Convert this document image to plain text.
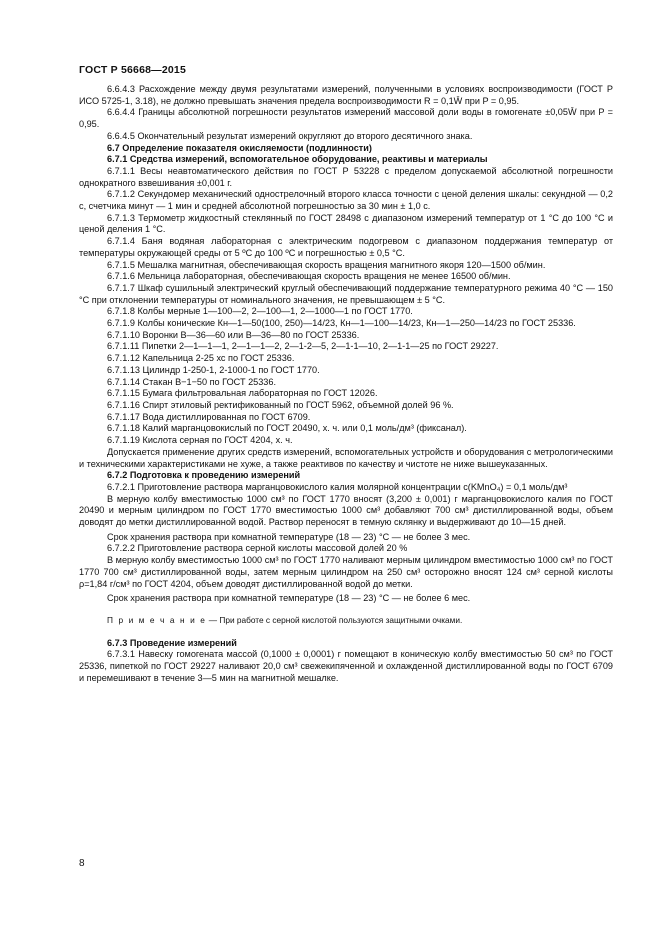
ГОСТ Р 56668—2015

6.6.4.3 Расхождение между двумя результатами измерений, полученными в условиях воспроизводимости (ГОСТ Р ИСО 5725-1, 3.18), не должно превышать значения предела воспроизводимости R = 0,1W̄ при P = 0,95.

6.6.4.4 Границы абсолютной погрешности результатов измерений массовой доли воды в гомогенате ±0,05W̄ при P = 0,95.

6.6.4.5 Окончательный результат измерений округляют до второго десятичного знака.

6.7 Определение показателя окисляемости (подлинности)

6.7.1 Средства измерений, вспомогательное оборудование, реактивы и материалы

6.7.1.1 Весы неавтоматического действия по ГОСТ Р 53228 с пределом допускаемой абсолютной погрешности однократного взвешивания ±0,001 г.

6.7.1.2 Секундомер механический однострелочный второго класса точности с ценой деления шкалы: секундной — 0,2 с, счетчика минут — 1 мин и средней абсолютной погрешностью за 30 мин ± 1,0 с.

6.7.1.3 Термометр жидкостный стеклянный по ГОСТ 28498 с диапазоном измерений температур от 1 °С до 100 °С и ценой деления 1 °С.

6.7.1.4 Баня водяная лабораторная с электрическим подогревом с диапазоном поддержания температур от температуры окружающей среды от 5 ºС до 100 ºС и погрешностью ± 0,5 °С.

6.7.1.5 Мешалка магнитная, обеспечивающая скорость вращения магнитного якоря 120—1500 об/мин.

6.7.1.6 Мельница лабораторная, обеспечивающая скорость вращения не менее 16500 об/мин.

6.7.1.7 Шкаф сушильный электрический круглый обеспечивающий поддержание температурного режима 40 °С — 150 °С при отклонении температуры от номинального значения, не превышающем ± 5 °С.

6.7.1.8 Колбы мерные 1—100—2, 2—100—1, 2—1000—1 по ГОСТ 1770.

6.7.1.9 Колбы конические Кн—1—50(100, 250)—14/23, Кн—1—100—14/23, Кн—1—250—14/23 по ГОСТ 25336.

6.7.1.10 Воронки В—36—60 или В—36—80 по ГОСТ 25336.

6.7.1.11 Пипетки 2—1—1—1, 2—1—1—2, 2—1-2—5, 2—1-1—10, 2—1-1—25 по ГОСТ 29227.

6.7.1.12 Капельница 2-25 хс по ГОСТ 25336.

6.7.1.13 Цилиндр 1-250-1, 2-1000-1 по ГОСТ 1770.

6.7.1.14 Стакан В−1−50 по ГОСТ 25336.

6.7.1.15 Бумага фильтровальная лабораторная по ГОСТ 12026.

6.7.1.16 Спирт этиловый ректификованный по ГОСТ 5962, объемной долей 96 %.

6.7.1.17 Вода дистиллированная по ГОСТ 6709.

6.7.1.18 Калий марганцовокислый по ГОСТ 20490, х. ч. или 0,1 моль/дм³ (фиксанал).

6.7.1.19 Кислота серная по ГОСТ 4204, х. ч.

Допускается применение других средств измерений, вспомогательных устройств и оборудования с метрологическими и техническими характеристиками не хуже, а также реактивов по качеству и чистоте не ниже вышеуказанных.

6.7.2 Подготовка к проведению измерений

6.7.2.1 Приготовление раствора марганцовокислого калия молярной концентрации c(KMnO₄) = 0,1 моль/дм³

В мерную колбу вместимостью 1000 см³ по ГОСТ 1770 вносят (3,200 ± 0,001) г марганцовокислого калия по ГОСТ 20490 и мерным цилиндром по ГОСТ 1770 вместимостью 1000 см³ добавляют 700 см³ дистиллированной воды, объем доводят до метки дистиллированной водой. Раствор переносят в темную склянку и выдерживают до 10—15 дней.

Срок хранения раствора при комнатной температуре (18 — 23) °С — не более 3 мес.

6.7.2.2 Приготовление раствора серной кислоты массовой долей 20 %

В мерную колбу вместимостью 1000 см³ по ГОСТ 1770 наливают мерным цилиндром вместимостью 1000 см³ по ГОСТ 1770 700 см³ дистиллированной воды, затем мерным цилиндром на 250 см³ осторожно вносят 124 см³ серной кислоты ρ=1,84 г/см³ по ГОСТ 4204, объем доводят дистиллированной водой до метки.

Срок хранения раствора при комнатной температуре (18 — 23) °С — не более 6 мес.

П р и м е ч а н и е — При работе с серной кислотой пользуются защитными очками.

6.7.3 Проведение измерений

6.7.3.1 Навеску гомогената массой (0,1000 ± 0,0001) г помещают в коническую колбу вместимостью 50 см³ по ГОСТ 25336, пипеткой по ГОСТ 29227 наливают 20,0 см³ свежекипяченной и охлажденной дистиллированной воды по ГОСТ 6709 и перемешивают в течение 3—5 мин на магнитной мешалке.

8
